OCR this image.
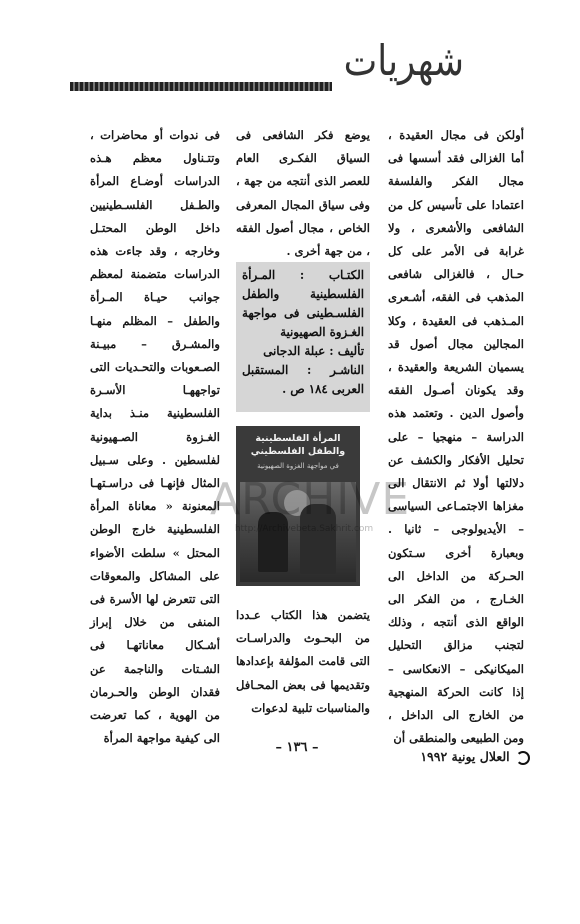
شهريات

أولكن فى مجال العقيدة ، أما الغزالى فقد أسسها فى مجال الفكر والفلسفة اعتمادا على تأسيس كل من الشافعى والأشعرى ، ولا غرابة فى الأمر على كل حـال ، فالغزالى شافعى المذهب فى الفقه، أشـعرى المـذهب فى العقيدة ، وكلا المجالين مجال أصول قد يسميان الشريعة والعقيدة ، وقد يكونان أصـول الفقه وأصول الدين . وتعتمد هذه الدراسة – منهجيا – على تحليل الأفكار والكشف عن دلالتها أولا ثم الانتقال الى مغزاها الاجتمـاعى السياسى – الأيديولوجى – ثانيا . وبعبارة أخرى سـتكون الحـركة من الداخل الى الخـارج ، من الفكر الى الواقع الذى أنتجه ، وذلك لتجنب مزالق التحليل الميكانيكى – الانعكاسى – إذا كانت الحركة المنهجية من الخارج الى الداخل ، ومن الطبيعى والمنطقى أن

يوضع فكر الشافعى فى السياق الفكـرى العام للعصر الذى أنتجه من جهة ، وفى سياق المجال المعرفى الخاص ، مجال أصول الفقه ، من جهة أخرى .

الكتـاب : المـرأة الفلسطينية والطفل الفلسـطينى فى مواجهة الغـزوة الصهيونية
تأليف : عبلة الدجانى
الناشـر : المستقبل العربى ١٨٤ ص .
المرأة الفلسطينية والطفل الفلسطيني
في مواجهة الغزوة الصهيونية

يتضمن هذا الكتاب عـددا من البحـوث والدراسـات التى قامت المؤلفة بإعدادها وتقديمها فى بعض المحـافل والمناسبات تلبية لدعوات

فى ندوات أو محاضرات ، وتتـناول معظم هـذه الدراسات أوضـاع المرأة والطـفل الفلسـطينيين داخل الوطن المحتـل وخارجه ، وقد جاءت هذه الدراسات متضمنة لمعظم جوانب حيـاة المـرأة والطفل – المظلم منهـا والمشـرق – مبيـنة الصـعوبات والتحـديات التى تواجههـا الأسـرة الفلسطينية منـذ بداية الغـزوة الصـهيونية لفلسطين . وعلى سـبيل المثال فإنهـا فى دراسـتهـا المعنونة « معاناة المرأة الفلسطينية خارج الوطن المحتل » سلطت الأضواء على المشاكل والمعوقات التى تتعرض لها الأسرة فى المنفى من خلال إبراز أشـكال معاناتهـا فى الشـتات والناجمة عن فقدان الوطن والحـرمان من الهوية ، كما تعرضت الى كيفية مواجهة المرأة

العلال يونية ١٩٩٢
– ١٣٦ –
ARCHIVE
http://Archivebeta.Sakhrit.com
